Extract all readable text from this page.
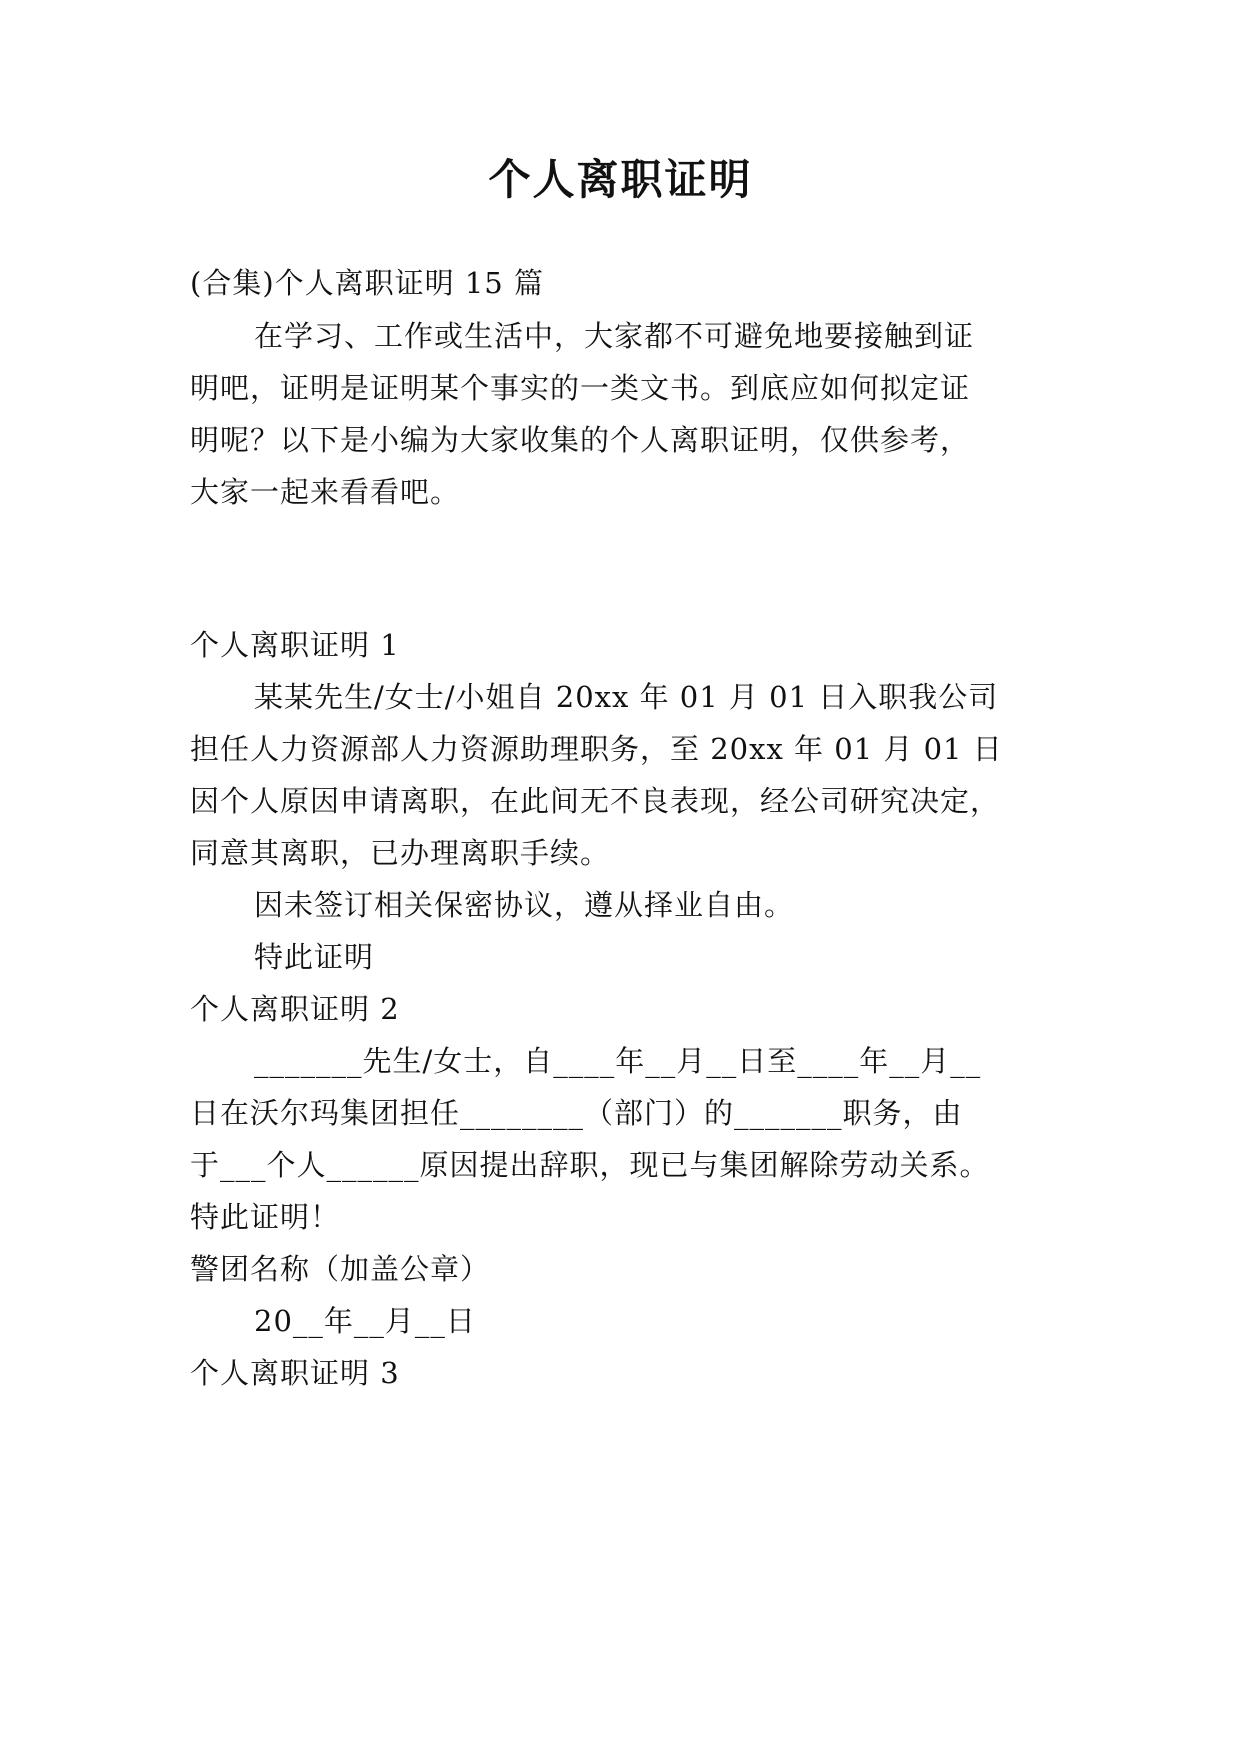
个人离职证明
(合集)个人离职证明 15 篇
在学习、工作或生活中，大家都不可避免地要接触到证
明吧，证明是证明某个事实的一类文书。到底应如何拟定证
明呢？以下是小编为大家收集的个人离职证明，仅供参考，
大家一起来看看吧。
个人离职证明 1
某某先生/女士/小姐自 20xx 年 01 月 01 日入职我公司
担任人力资源部人力资源助理职务，至 20xx 年 01 月 01 日
因个人原因申请离职，在此间无不良表现，经公司研究决定，
同意其离职，已办理离职手续。
因未签订相关保密协议，遵从择业自由。
特此证明
个人离职证明 2
_______先生/女士，自____年__月__日至____年__月__
日在沃尔玛集团担任________（部门）的_______职务，由
于___个人______原因提出辞职，现已与集团解除劳动关系。
特此证明！
警团名称（加盖公章）
20__年__月__日
个人离职证明 3
